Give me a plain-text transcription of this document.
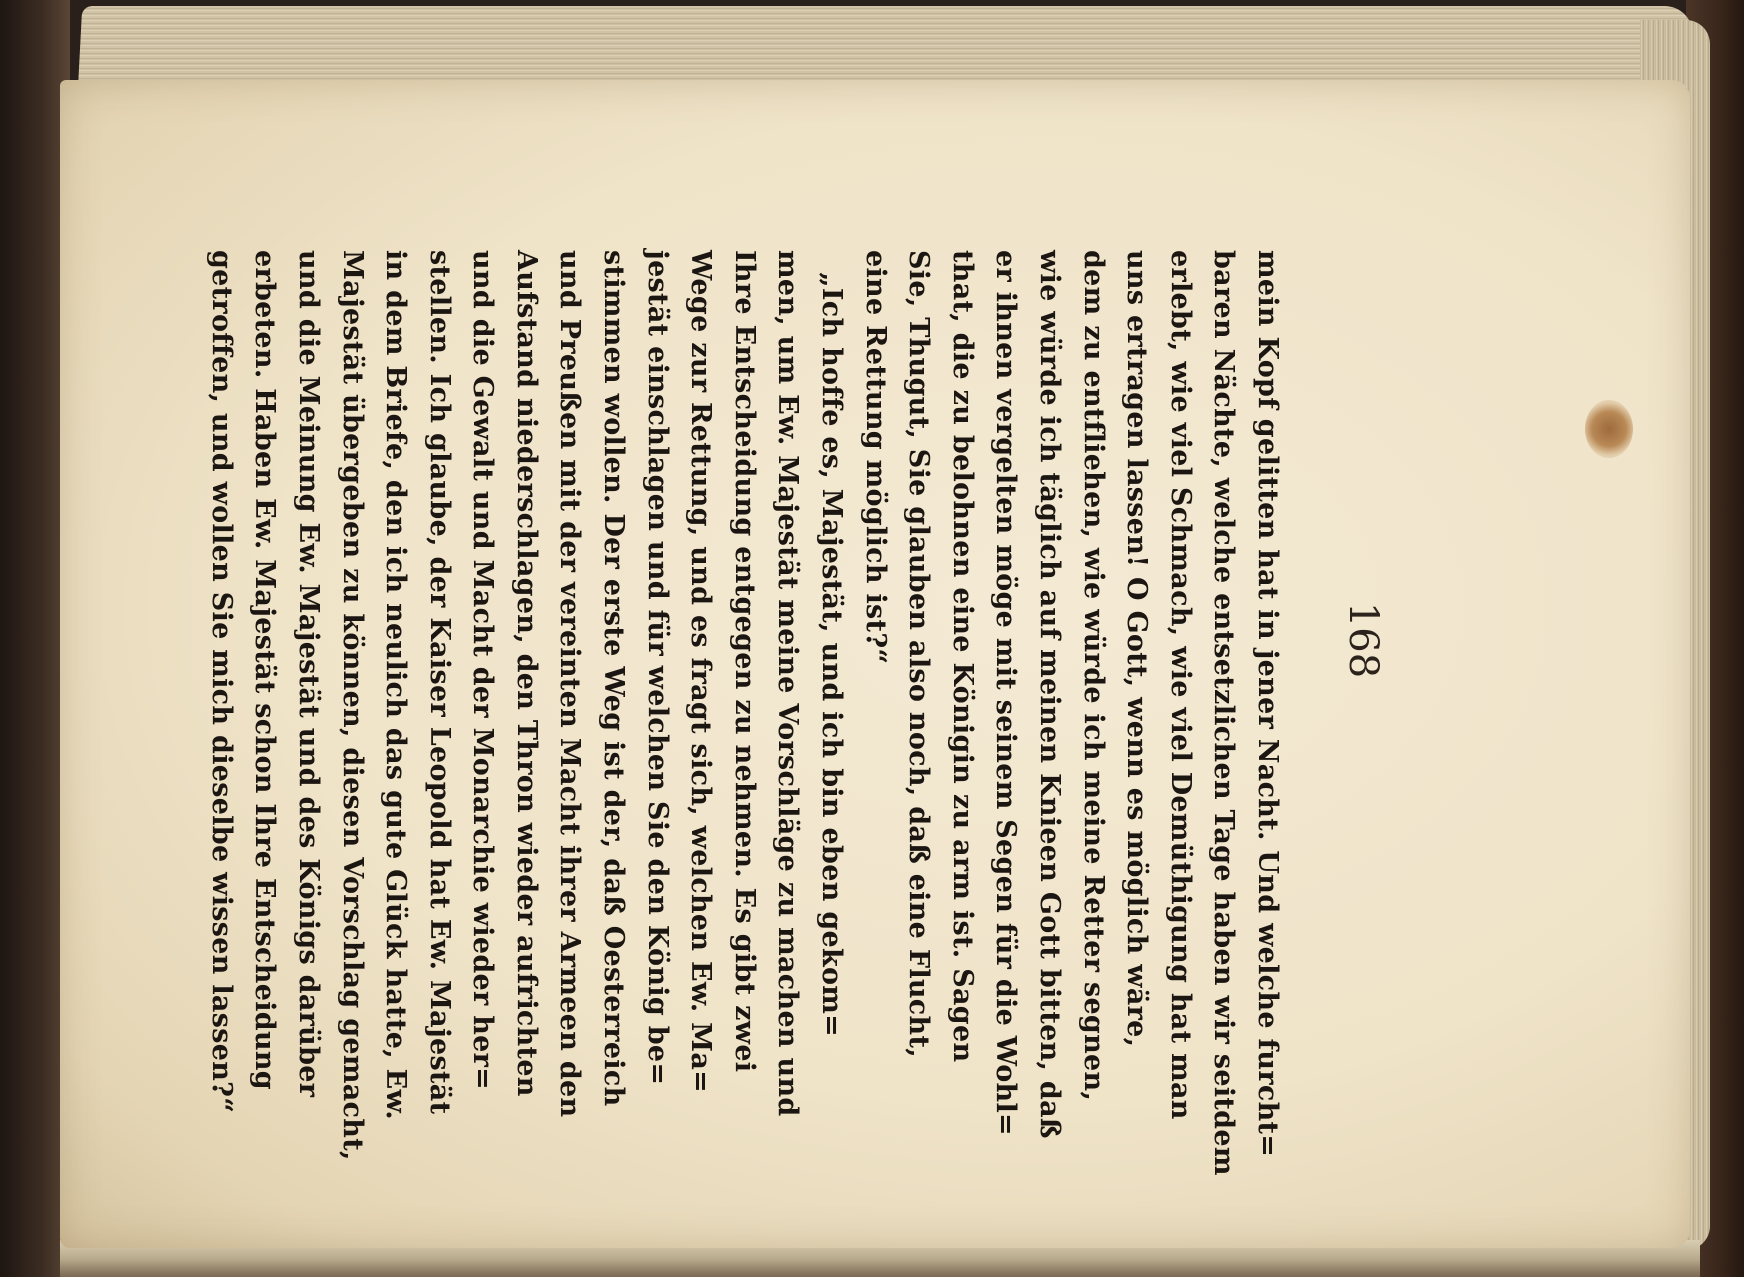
168
mein Kopf gelitten hat in jener Nacht. Und welche furcht=
baren Nächte, welche entsetzlichen Tage haben wir seitdem
erlebt, wie viel Schmach, wie viel Demüthigung hat man
uns ertragen lassen! O Gott, wenn es möglich wäre,
dem zu entfliehen, wie würde ich meine Retter segnen,
wie würde ich täglich auf meinen Knieen Gott bitten, daß
er ihnen vergelten möge mit seinem Segen für die Wohl=
that, die zu belohnen eine Königin zu arm ist. Sagen
Sie, Thugut, Sie glauben also noch, daß eine Flucht,
eine Rettung möglich ist?“
„Ich hoffe es, Majestät, und ich bin eben gekom=
men, um Ew. Majestät meine Vorschläge zu machen und
Ihre Entscheidung entgegen zu nehmen. Es gibt zwei
Wege zur Rettung, und es fragt sich, welchen Ew. Ma=
jestät einschlagen und für welchen Sie den König be=
stimmen wollen. Der erste Weg ist der, daß Oesterreich
und Preußen mit der vereinten Macht ihrer Armeen den
Aufstand niederschlagen, den Thron wieder aufrichten
und die Gewalt und Macht der Monarchie wieder her=
stellen. Ich glaube, der Kaiser Leopold hat Ew. Majestät
in dem Briefe, den ich neulich das gute Glück hatte, Ew.
Majestät übergeben zu können, diesen Vorschlag gemacht,
und die Meinung Ew. Majestät und des Königs darüber
erbeten. Haben Ew. Majestät schon Ihre Entscheidung
getroffen, und wollen Sie mich dieselbe wissen lassen?“
